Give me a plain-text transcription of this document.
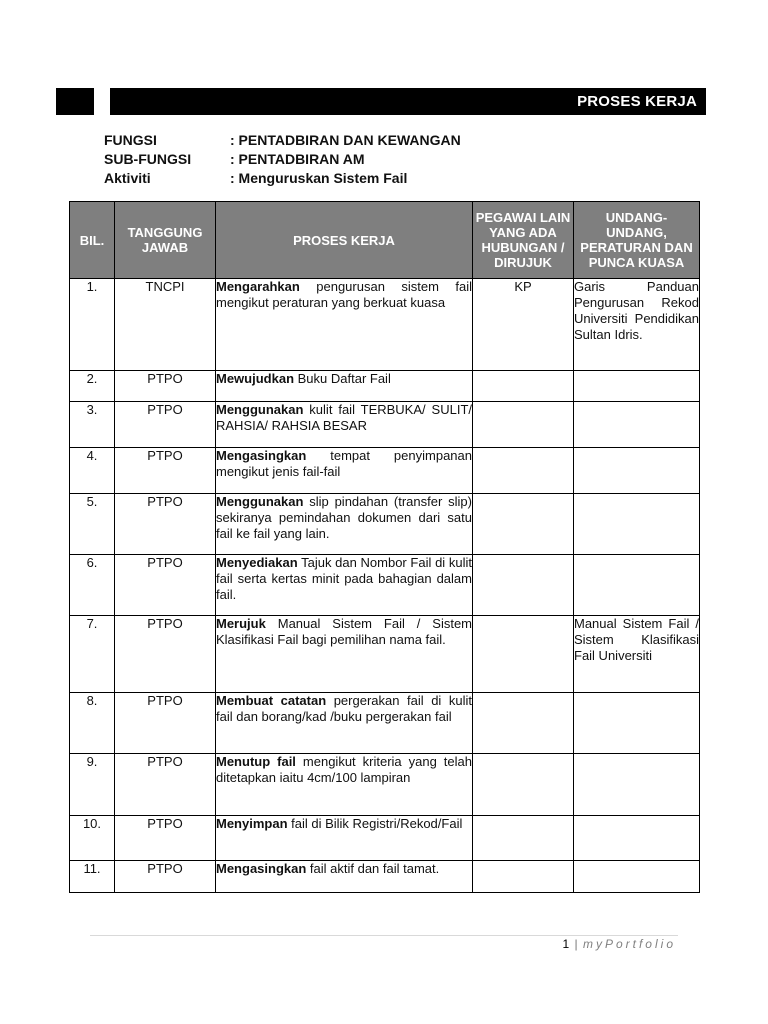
PROSES KERJA
FUNGSI	: PENTADBIRAN DAN KEWANGAN
SUB-FUNGSI	: PENTADBIRAN AM
Aktiviti	: Menguruskan Sistem Fail
BIL.	TANGGUNG JAWAB	PROSES KERJA	PEGAWAI LAIN YANG ADA HUBUNGAN / DIRUJUK	UNDANG-UNDANG, PERATURAN DAN PUNCA KUASA
1.	TNCPI	Mengarahkan pengurusan sistem fail mengikut peraturan yang berkuat kuasa	KP	Garis Panduan Pengurusan Rekod Universiti Pendidikan Sultan Idris.
2.	PTPO	Mewujudkan Buku Daftar Fail		
3.	PTPO	Menggunakan kulit fail TERBUKA/ SULIT/ RAHSIA/ RAHSIA BESAR		
4.	PTPO	Mengasingkan tempat penyimpanan mengikut jenis fail-fail		
5.	PTPO	Menggunakan slip pindahan (transfer slip) sekiranya pemindahan dokumen dari satu fail ke fail yang lain.		
6.	PTPO	Menyediakan Tajuk dan Nombor Fail di kulit fail serta kertas minit pada bahagian dalam fail.		
7.	PTPO	Merujuk Manual Sistem Fail / Sistem Klasifikasi Fail bagi pemilihan nama fail.		Manual Sistem Fail / Sistem Klasifikasi Fail Universiti
8.	PTPO	Membuat catatan pergerakan fail di kulit fail dan borang/kad /buku pergerakan fail		
9.	PTPO	Menutup fail mengikut kriteria yang telah ditetapkan iaitu 4cm/100 lampiran		
10.	PTPO	Menyimpan fail di Bilik Registri/Rekod/Fail		
11.	PTPO	Mengasingkan fail aktif dan fail tamat.		
1 | myPortfolio
